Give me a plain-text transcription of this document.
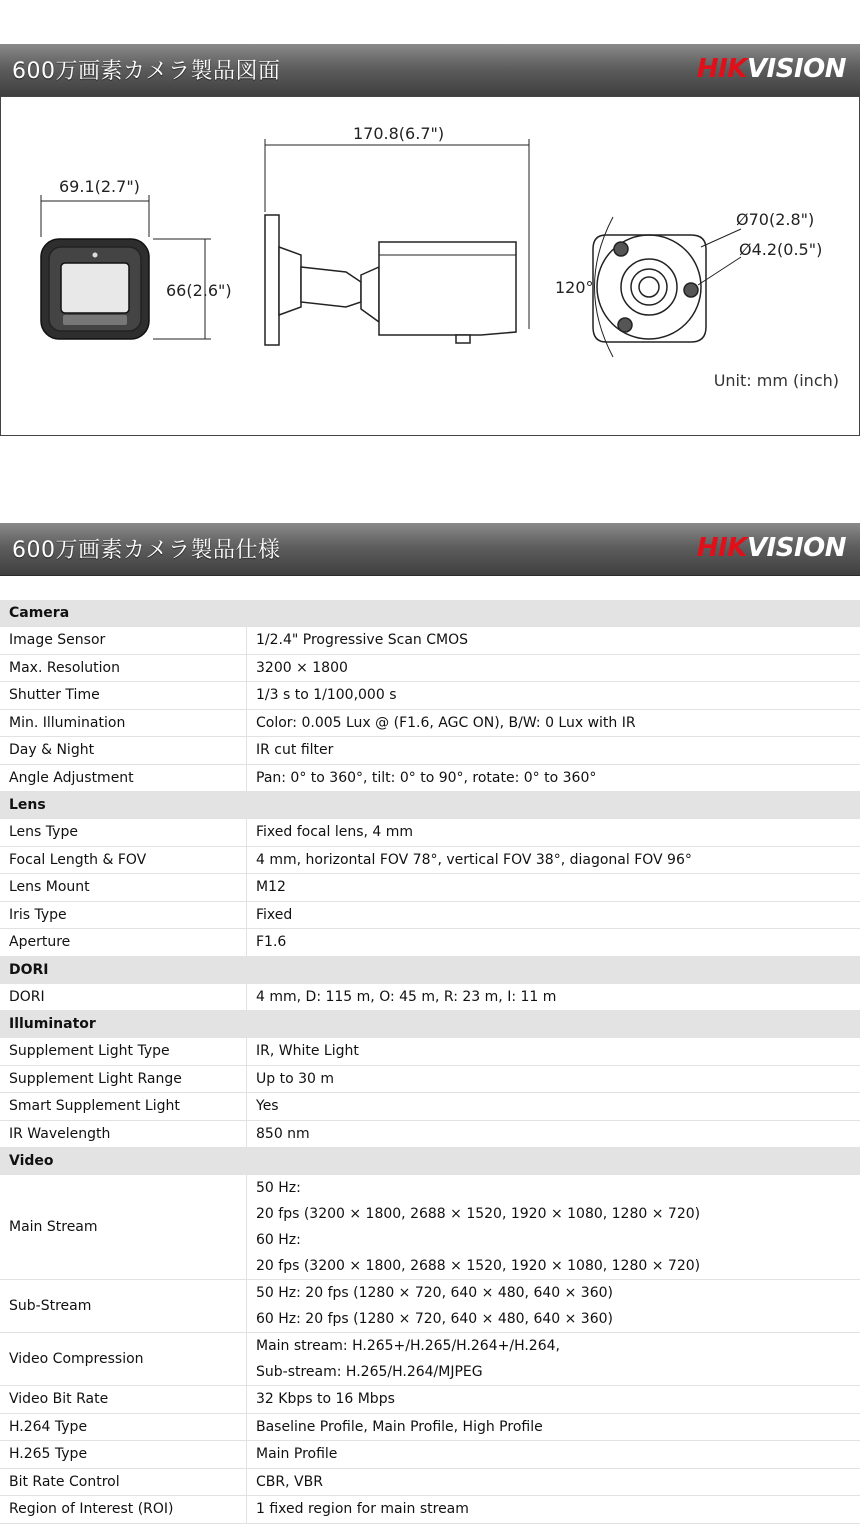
600万画素カメラ製品図面	HIKVISION
69.1(2.7")
66(2.6")
170.8(6.7")
120°
Ø70(2.8")
Ø4.2(0.5")
Unit: mm (inch)
600万画素カメラ製品仕様	HIKVISION
Camera	
Image Sensor	1/2.4" Progressive Scan CMOS

Max. Resolution	3200 × 1800

Shutter Time	1/3 s to 1/100,000 s

Min. Illumination	Color: 0.005 Lux @ (F1.6, AGC ON), B/W: 0 Lux with IR

Day & Night	IR cut filter

Angle Adjustment	Pan: 0° to 360°, tilt: 0° to 90°, rotate: 0° to 360°

Lens	
Lens Type	Fixed focal lens, 4 mm

Focal Length & FOV	4 mm, horizontal FOV 78°, vertical FOV 38°, diagonal FOV 96°

Lens Mount	M12

Iris Type	Fixed

Aperture	F1.6

DORI	
DORI	4 mm, D: 115 m, O: 45 m, R: 23 m, I: 11 m

Illuminator	
Supplement Light Type	IR, White Light

Supplement Light Range	Up to 30 m

Smart Supplement Light	Yes

IR Wavelength	850 nm

Video	
Main Stream	50 Hz:
20 fps (3200 × 1800, 2688 × 1520, 1920 × 1080, 1280 × 720)
60 Hz:
20 fps (3200 × 1800, 2688 × 1520, 1920 × 1080, 1280 × 720)

Sub-Stream	50 Hz: 20 fps (1280 × 720, 640 × 480, 640 × 360)
60 Hz: 20 fps (1280 × 720, 640 × 480, 640 × 360)

Video Compression	Main stream: H.265+/H.265/H.264+/H.264,
Sub-stream: H.265/H.264/MJPEG

Video Bit Rate	32 Kbps to 16 Mbps

H.264 Type	Baseline Profile, Main Profile, High Profile

H.265 Type	Main Profile

Bit Rate Control	CBR, VBR

Region of Interest (ROI)	1 fixed region for main stream
